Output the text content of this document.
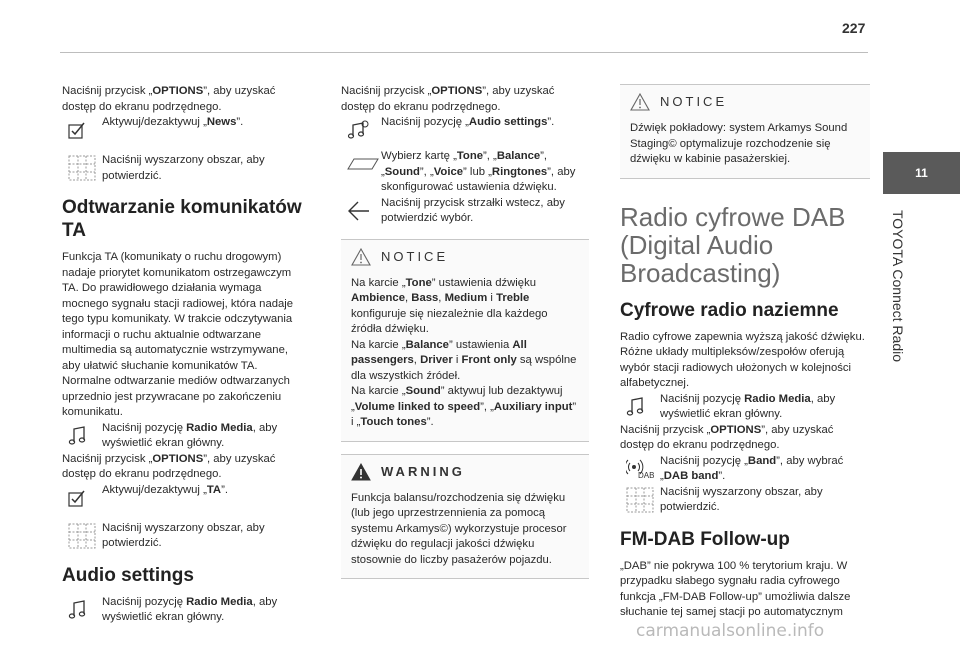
227
11
TOYOTA Connect Radio

Naciśnij przycisk „OPTIONS”, aby uzyskać dostęp do ekranu podrzędnego.

Aktywuj/dezaktywuj „News”.
Naciśnij wyszarzony obszar, aby potwierdzić.
Odtwarzanie komunikatów TA

Funkcja TA (komunikaty o ruchu drogowym) nadaje priorytet komunikatom ostrzegawczym TA. Do prawidłowego działania wymaga mocnego sygnału stacji radiowej, która nadaje tego typu komunikaty. W trakcie odczytywania informacji o ruchu aktualnie odtwarzane multimedia są automatycznie wstrzymywane, aby ułatwić słuchanie komunikatów TA. Normalne odtwarzanie mediów odtwarzanych uprzednio jest przywracane po zakończeniu komunikatu.

Naciśnij pozycję Radio Media, aby wyświetlić ekran główny.

Naciśnij przycisk „OPTIONS”, aby uzyskać dostęp do ekranu podrzędnego.

Aktywuj/dezaktywuj „TA”.
Naciśnij wyszarzony obszar, aby potwierdzić.
Audio settings
Naciśnij pozycję Radio Media, aby wyświetlić ekran główny.

Naciśnij przycisk „OPTIONS”, aby uzyskać dostęp do ekranu podrzędnego.

Naciśnij pozycję „Audio settings”.
Wybierz kartę „Tone”, „Balance”, „Sound”, „Voice” lub „Ringtones”, aby skonfigurować ustawienia dźwięku.
Naciśnij przycisk strzałki wstecz, aby potwierdzić wybór.
NOTICE

Na karcie „Tone” ustawienia dźwięku Ambience, Bass, Medium i Treble konfiguruje się niezależnie dla każdego źródła dźwięku.

Na karcie „Balance” ustawienia All passengers, Driver i Front only są wspólne dla wszystkich źródeł.

Na karcie „Sound” aktywuj lub dezaktywuj „Volume linked to speed”, „Auxiliary input” i „Touch tones”.

WARNING

Funkcja balansu/rozchodzenia się dźwięku (lub jego uprzestrzennienia za pomocą systemu Arkamys©) wykorzystuje procesor dźwięku do regulacji jakości dźwięku stosownie do liczby pasażerów pojazdu.

NOTICE

Dźwięk pokładowy: system Arkamys Sound Staging© optymalizuje rozchodzenie się dźwięku w kabinie pasażerskiej.

Radio cyfrowe DAB (Digital Audio Broadcasting)
Cyfrowe radio naziemne

Radio cyfrowe zapewnia wyższą jakość dźwięku. Różne układy multipleksów/zespołów oferują wybór stacji radiowych ułożonych w kolejności alfabetycznej.

Naciśnij pozycję Radio Media, aby wyświetlić ekran główny.

Naciśnij przycisk „OPTIONS”, aby uzyskać dostęp do ekranu podrzędnego.

DAB
Naciśnij pozycję „Band”, aby wybrać „DAB band”.
Naciśnij wyszarzony obszar, aby potwierdzić.
FM-DAB Follow-up

„DAB” nie pokrywa 100 % terytorium kraju. W przypadku słabego sygnału radia cyfrowego funkcja „FM-DAB Follow-up” umożliwia dalsze słuchanie tej samej stacji po automatycznym

carmanualsonline.info
